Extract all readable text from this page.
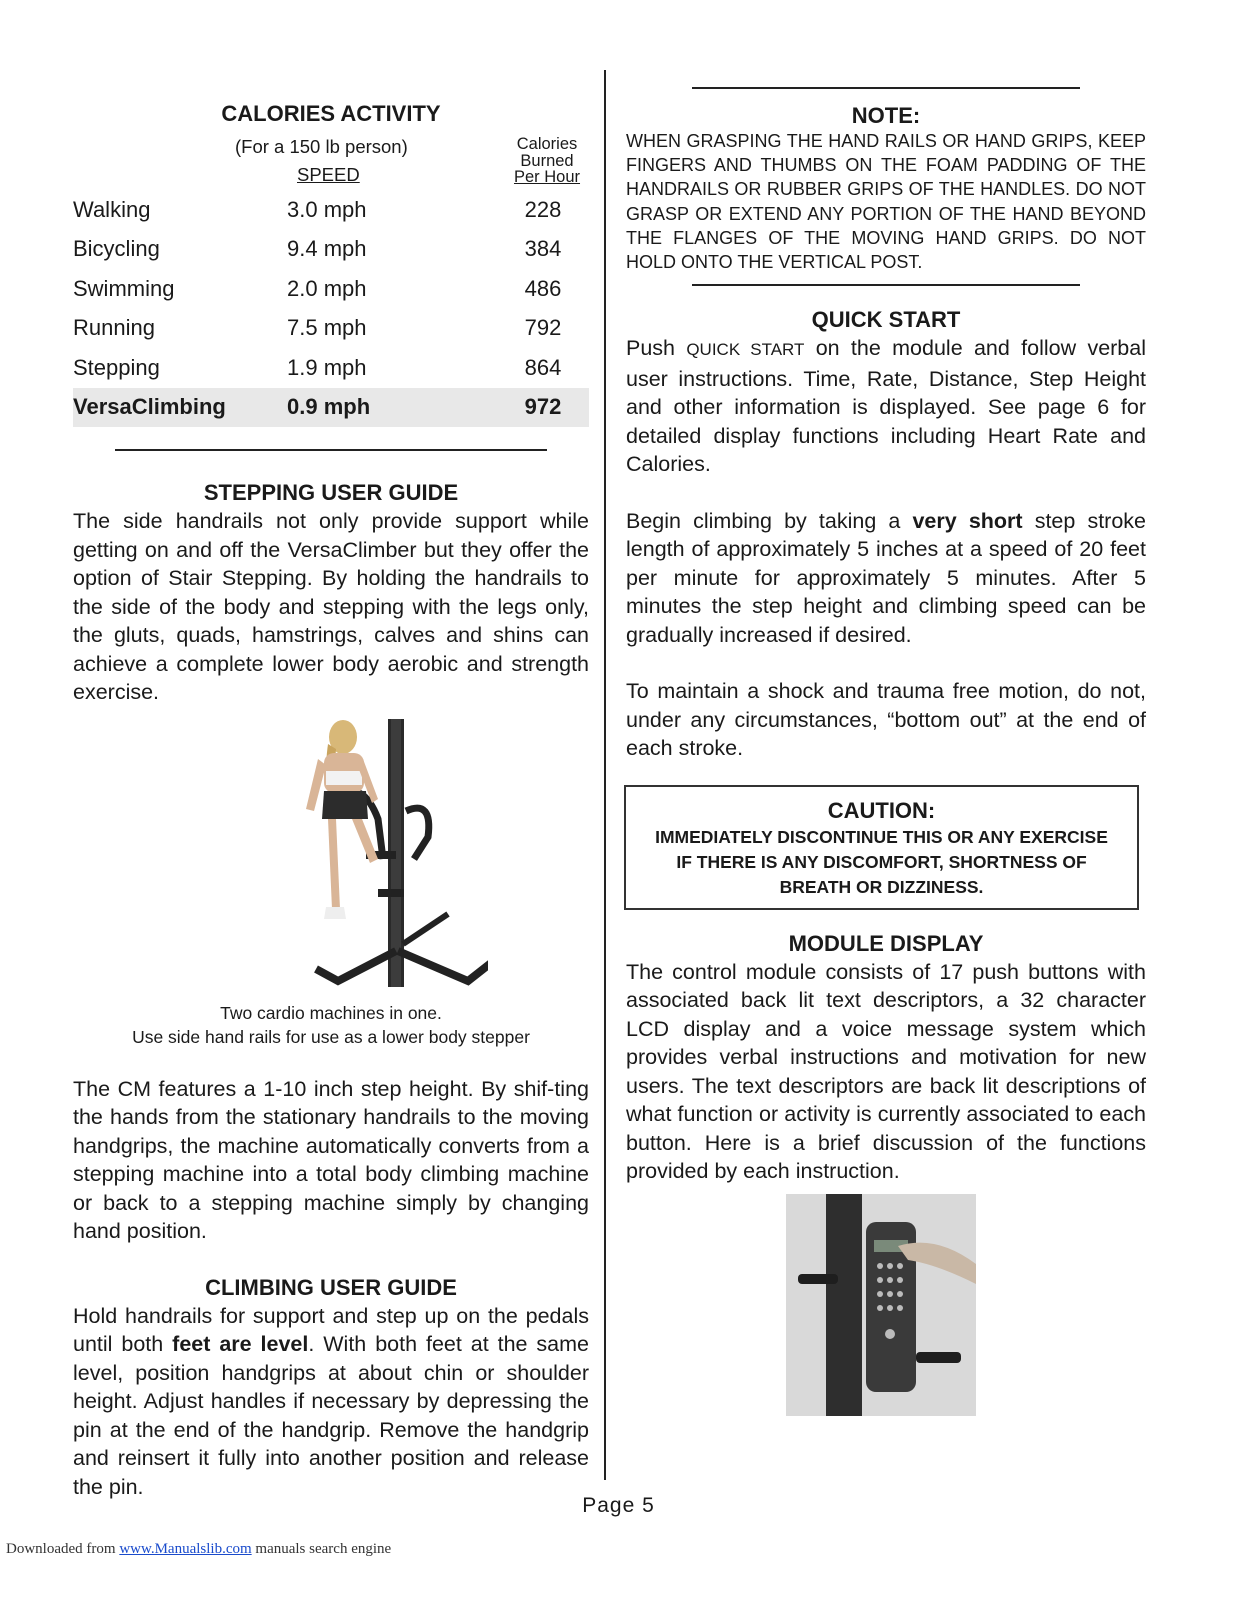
CALORIES ACTIVITY
(For a 150 lb person)
SPEED
Calories
Burned
Per Hour
Walking	3.0 mph	228
Bicycling	9.4 mph	384
Swimming	2.0 mph	486
Running	7.5 mph	792
Stepping	1.9 mph	864
VersaClimbing	0.9 mph	972
STEPPING USER GUIDE

The side handrails not only provide support while getting on and off the VersaClimber but they offer the option of Stair Stepping. By holding the handrails to the side of the body and stepping with the legs only, the gluts, quads, hamstrings, calves and shins can achieve a complete lower body aerobic and strength exercise.

Two cardio machines in one.
Use side hand rails for use as a lower body stepper

The CM features a 1-10 inch step height. By shif-ting the hands from the stationary handrails to the moving handgrips, the machine automatically converts from a stepping machine into a total body climbing machine or back to a stepping machine simply by changing hand position.

CLIMBING USER GUIDE

Hold handrails for support and step up on the pedals until both feet are level. With both feet at the same level, position handgrips at about chin or shoulder height. Adjust handles if necessary by depressing the pin at the end of the handgrip. Remove the handgrip and reinsert it fully into another position and release the pin.

NOTE:

WHEN GRASPING THE HAND RAILS OR HAND GRIPS, KEEP FINGERS AND THUMBS ON THE FOAM PADDING OF THE HANDRAILS OR RUBBER GRIPS OF THE HANDLES. DO NOT GRASP OR EXTEND ANY PORTION OF THE HAND BEYOND THE FLANGES OF THE MOVING HAND GRIPS. DO NOT HOLD ONTO THE VERTICAL POST.

QUICK START

Push QUICK START on the module and follow verbal user instructions. Time, Rate, Distance, Step Height and other information is displayed. See page 6 for detailed display functions including Heart Rate and Calories.

Begin climbing by taking a very short step stroke length of approximately 5 inches at a speed of 20 feet per minute for approximately 5 minutes. After 5 minutes the step height and climbing speed can be gradually increased if desired.

To maintain a shock and trauma free motion, do not, under any circumstances, “bottom out” at the end of each stroke.

CAUTION:
IMMEDIATELY DISCONTINUE THIS OR ANY EXERCISE
IF THERE IS ANY DISCOMFORT, SHORTNESS OF
BREATH OR DIZZINESS.
MODULE DISPLAY

The control module consists of 17 push buttons with associated back lit text descriptors, a 32 character LCD display and a voice message system which provides verbal instructions and motivation for new users. The text descriptors are back lit descriptions of what function or activity is currently associated to each button. Here is a brief discussion of the functions provided by each instruction.

Page 5
Downloaded from www.Manualslib.com manuals search engine
